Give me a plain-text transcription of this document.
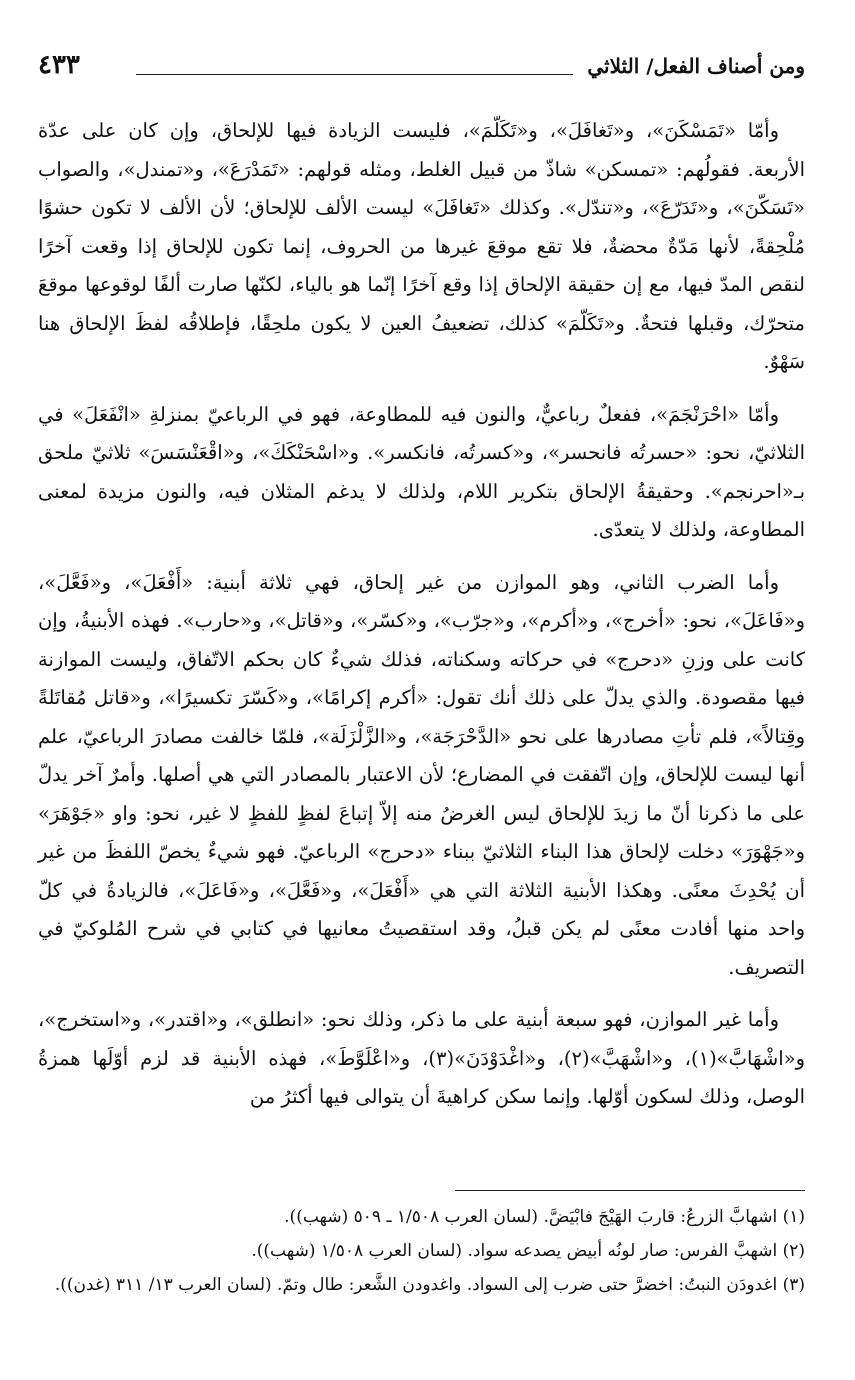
ومن أصناف الفعل/ الثلاثي
٤٣٣

وأمّا «تَمَسْكَنَ»، و«تَغافَلَ»، و«تَكَلّمَ»، فليست الزيادة فيها للإلحاق، وإن كان على عدّة الأربعة. فقولُهم: «تمسكن» شاذّ من قبيل الغلط، ومثله قولهم: «تَمَدْرَعَ»، و«تمندل»، والصواب «تَسَكّنَ»، و«تَدَرّعَ»، و«تندّل». وكذلك «تَغافَلَ» ليست الألف للإلحاق؛ لأن الألف لا تكون حشوًا مُلْحِقةً، لأنها مَدّةٌ محضةٌ، فلا تقع موقعَ غيرها من الحروف، إنما تكون للإلحاق إذا وقعت آخرًا لنقص المدّ فيها، مع إن حقيقة الإلحاق إذا وقع آخرًا إنّما هو بالياء، لكنّها صارت ألفًا لوقوعها موقعَ متحرّك، وقبلها فتحةٌ. و«تَكَلّمَ» كذلك، تضعيفُ العين لا يكون ملحِقًا، فإطلاقُه لفظَ الإلحاق هنا سَهْوٌ.

وأمّا «احْرَنْجَمَ»، ففعلٌ رباعيٌّ، والنون فيه للمطاوعة، فهو في الرباعيّ بمنزلةِ «انْفَعَلَ» في الثلاثيّ، نحو: «حسرتُه فانحسر»، و«كسرتُه، فانكسر». و«اسْحَنْكَكَ»، و«اقْعَنْسَسَ» ثلاثيّ ملحق بـ«احرنجم». وحقيقةُ الإلحاق بتكرير اللام، ولذلك لا يدغم المثلان فيه، والنون مزيدة لمعنى المطاوعة، ولذلك لا يتعدّى.

وأما الضرب الثاني، وهو الموازن من غير إلحاق، فهي ثلاثة أبنية: «أَفْعَلَ»، و«فَعَّلَ»، و«فَاعَلَ»، نحو: «أخرج»، و«أكرم»، و«جرّب»، و«كسّر»، و«قاتل»، و«حارب». فهذه الأبنيةُ، وإن كانت على وزنِ «دحرج» في حركاته وسكناته، فذلك شيءٌ كان بحكم الاتّفاق، وليست الموازنة فيها مقصودة. والذي يدلّ على ذلك أنك تقول: «أكرم إكرامًا»، و«كَسّرَ تكسيرًا»، و«قاتل مُقاتَلةً وقِتالاً»، فلم تأتِ مصادرها على نحو «الدَّحْرَجَة»، و«الزَّلْزَلَة»، فلمّا خالفت مصادرَ الرباعيّ، علم أنها ليست للإلحاق، وإن اتّفقت في المضارع؛ لأن الاعتبار بالمصادر التي هي أصلها. وأمرٌ آخر يدلّ على ما ذكرنا أنّ ما زيدَ للإلحاق ليس الغرضُ منه إلاّ إتباعَ لفظٍ للفظٍ لا غير، نحو: واو «جَوْهَرَ» و«جَهْوَرَ» دخلت لإلحاق هذا البناء الثلاثيّ ببناء «دحرج» الرباعيّ. فهو شيءٌ يخصّ اللفظَ من غير أن يُحْدِثَ معنًى. وهكذا الأبنية الثلاثة التي هي «أَفْعَلَ»، و«فَعَّلَ»، و«فَاعَلَ»، فالزيادةُ في كلّ واحد منها أفادت معنًى لم يكن قبلُ، وقد استقصيتُ معانيها في كتابي في شرح المُلوكيّ في التصريف.

وأما غير الموازن، فهو سبعة أبنية على ما ذكر، وذلك نحو: «انطلق»، و«اقتدر»، و«استخرج»، و«اشْهَابَّ»(١)، و«اشْهَبَّ»(٢)، و«اغْدَوْدَنَ»(٣)، و«اعْلَوَّطَ»، فهذه الأبنية قد لزم أوّلَها همزةُ الوصل، وذلك لسكون أوّلها. وإنما سكن كراهيةَ أن يتوالى فيها أكثرُ من

(١) اشهابَّ الزرعُ: قاربَ الهَيْجَ فابْيَضَّ. (لسان العرب ١/٥٠٨ ـ ٥٠٩ (شهب)).

(٢) اشهبَّ الفرس: صار لونُه أبيض يصدعه سواد. (لسان العرب ١/٥٠٨ (شهب)).

(٣) اغدودَن النبتُ: اخضرَّ حتى ضرب إلى السواد. واغدودن الشَّعر: طال وتمّ. (لسان العرب ١٣/ ٣١١ (غدن)).
